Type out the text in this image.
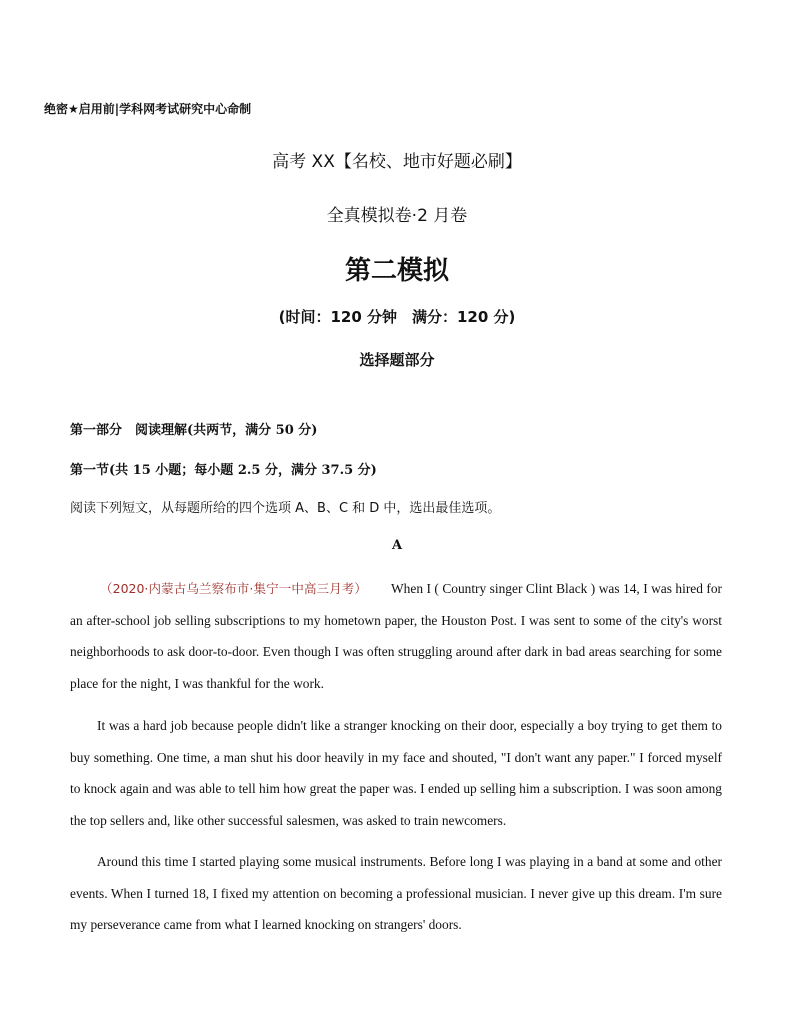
绝密★启用前|学科网考试研究中心命制
高考 XX【名校、地市好题必刷】
全真模拟卷·2 月卷
第二模拟
(时间：120 分钟　满分：120 分)
选择题部分
第一部分　阅读理解(共两节，满分 50 分)
第一节(共 15 小题；每小题 2.5 分，满分 37.5 分)
阅读下列短文，从每题所给的四个选项 A、B、C 和 D 中，选出最佳选项。
A
（2020·内蒙古乌兰察布市·集宁一中高三月考） When I ( Country singer Clint Black ) was 14, I was hired for an after-school job selling subscriptions to my hometown paper, the Houston Post. I was sent to some of the city's worst neighborhoods to ask door-to-door. Even though I was often struggling around after dark in bad areas searching for some place for the night, I was thankful for the work.
It was a hard job because people didn't like a stranger knocking on their door, especially a boy trying to get them to buy something. One time, a man shut his door heavily in my face and shouted, "I don't want any paper." I forced myself to knock again and was able to tell him how great the paper was. I ended up selling him a subscription. I was soon among the top sellers and, like other successful salesmen, was asked to train newcomers.
Around this time I started playing some musical instruments. Before long I was playing in a band at some and other events. When I turned 18, I fixed my attention on becoming a professional musician. I never give up this dream. I'm sure my perseverance came from what I learned knocking on strangers' doors.
